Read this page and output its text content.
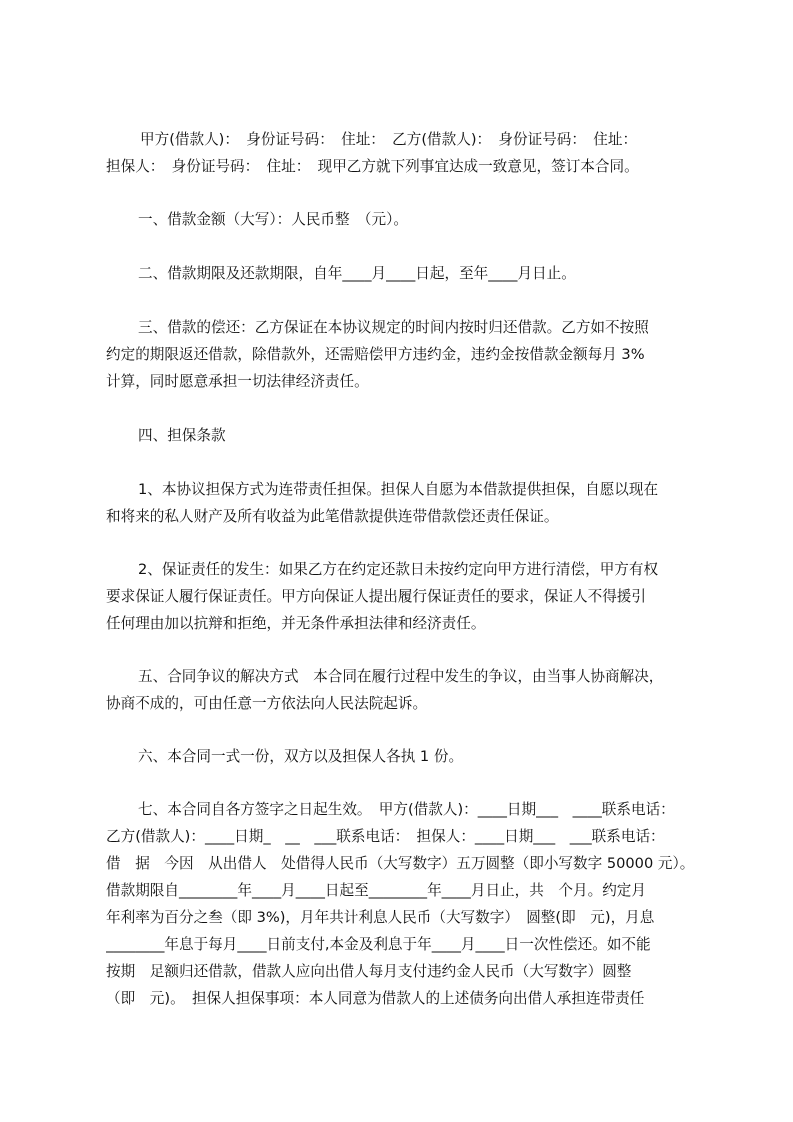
甲方(借款人)：　身份证号码：　住址：　乙方(借款人)：　身份证号码：　住址：
担保人：　身份证号码：　住址：　现甲乙方就下列事宜达成一致意见，签订本合同。
一、借款金额（大写）：人民币整　（元）。
二、借款期限及还款期限，自年____月____日起，至年____月日止。
三、借款的偿还：乙方保证在本协议规定的时间内按时归还借款。乙方如不按照
约定的期限返还借款，除借款外，还需赔偿甲方违约金，违约金按借款金额每月 3%
计算，同时愿意承担一切法律经济责任。
四、担保条款
1、本协议担保方式为连带责任担保。担保人自愿为本借款提供担保，自愿以现在
和将来的私人财产及所有收益为此笔借款提供连带借款偿还责任保证。
2、保证责任的发生：如果乙方在约定还款日未按约定向甲方进行清偿，甲方有权
要求保证人履行保证责任。甲方向保证人提出履行保证责任的要求，保证人不得援引
任何理由加以抗辩和拒绝，并无条件承担法律和经济责任。
五、合同争议的解决方式　本合同在履行过程中发生的争议，由当事人协商解决，
协商不成的，可由任意一方依法向人民法院起诉。
六、本合同一式一份，双方以及担保人各执 1 份。
七、本合同自各方签字之日起生效。　甲方(借款人)：____日期___　____联系电话：
乙方(借款人)：____日期_　__　___联系电话：　担保人：____日期___　___联系电话：
借　据　今因　从出借人　处借得人民币（大写数字）五万圆整（即小写数字 50000 元）。
借款期限自________年____月____日起至________年____月日止，共　个月。约定月
年利率为百分之叁（即 3%)，月年共计利息人民币（大写数字）　圆整(即　元)，月息
________年息于每月____日前支付,本金及利息于年____月____日一次性偿还。如不能
按期　足额归还借款，借款人应向出借人每月支付违约金人民币（大写数字）圆整
（即　元)。　担保人担保事项：本人同意为借款人的上述债务向出借人承担连带责任
